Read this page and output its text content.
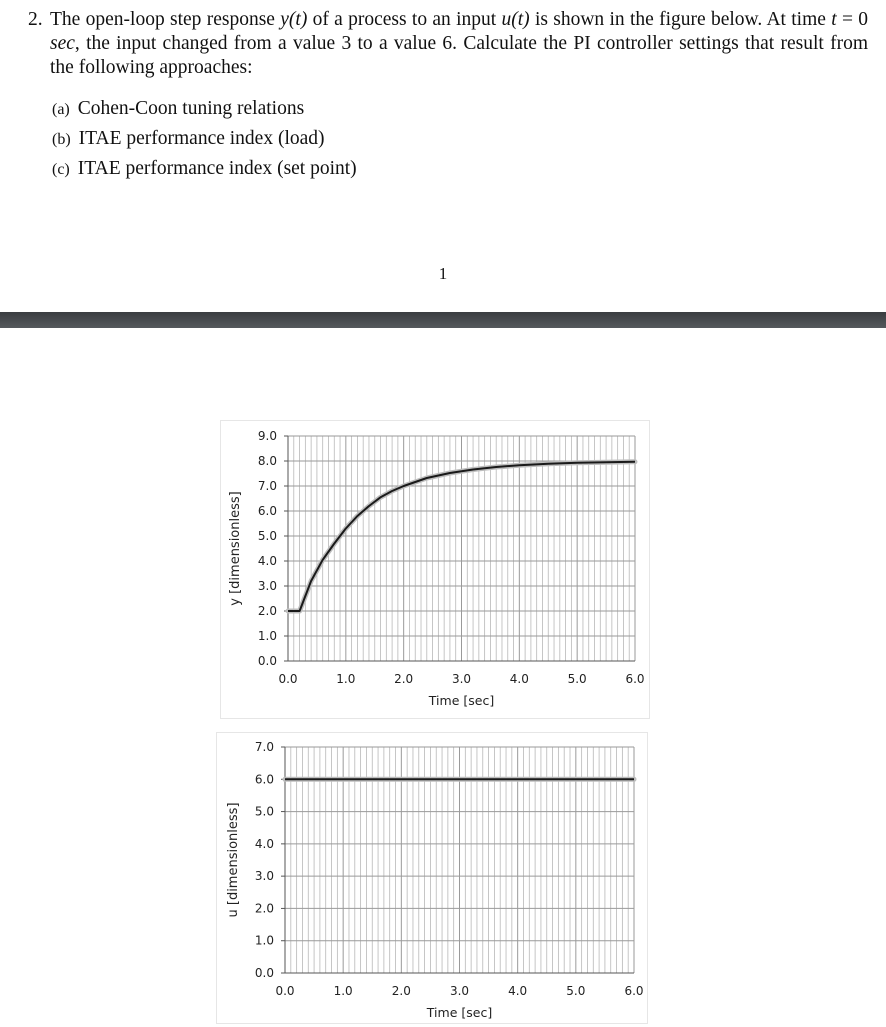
2. The open-loop step response y(t) of a process to an input u(t) is shown in the figure below. At time t = 0 sec, the input changed from a value 3 to a value 6. Calculate the PI controller settings that result from the following approaches:
(a) Cohen-Coon tuning relations
(b) ITAE performance index (load)
(c) ITAE performance index (set point)
1
0.0
1.0
2.0
3.0
4.0
5.0
6.0
7.0
8.0
9.0
0.0	1.0	2.0	3.0	4.0	5.0	6.0
Time [sec]
y [dimensionless]
0.0
1.0
2.0
3.0
4.0
5.0
6.0
7.0
0.0	1.0	2.0	3.0	4.0	5.0	6.0
Time [sec]
u [dimensionless]
